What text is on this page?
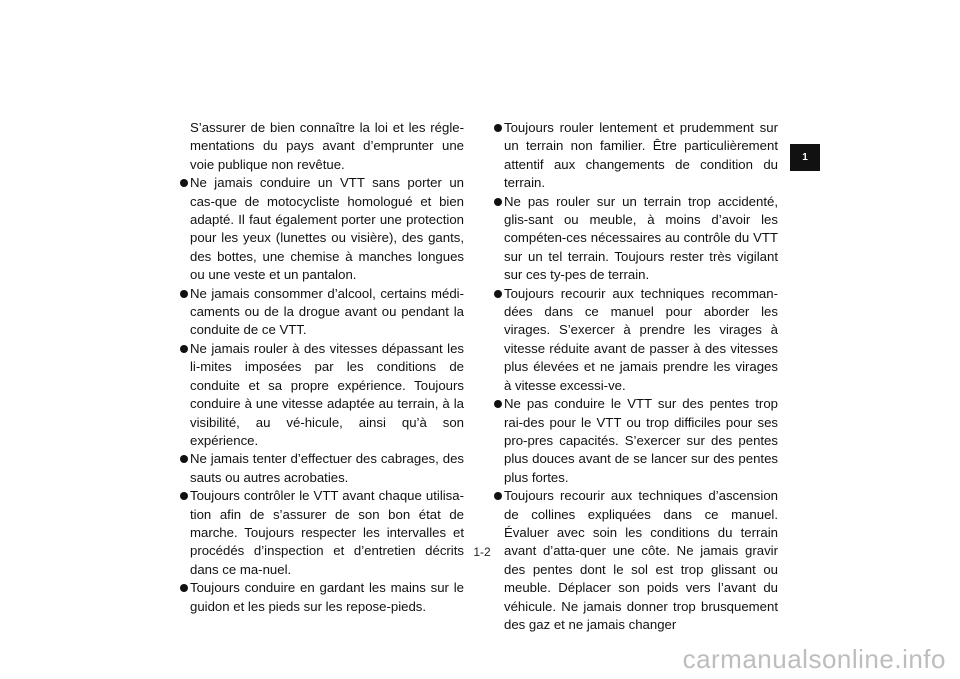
S’assurer de bien connaître la loi et les régle-mentations du pays avant d’emprunter une voie publique non revêtue.
Ne jamais conduire un VTT sans porter un cas-que de motocycliste homologué et bien adapté. Il faut également porter une protection pour les yeux (lunettes ou visière), des gants, des bottes, une chemise à manches longues ou une veste et un pantalon.
Ne jamais consommer d’alcool, certains médi-caments ou de la drogue avant ou pendant la conduite de ce VTT.
Ne jamais rouler à des vitesses dépassant les li-mites imposées par les conditions de conduite et sa propre expérience. Toujours conduire à une vitesse adaptée au terrain, à la visibilité, au vé-hicule, ainsi qu’à son expérience.
Ne jamais tenter d’effectuer des cabrages, des sauts ou autres acrobaties.
Toujours contrôler le VTT avant chaque utilisa-tion afin de s’assurer de son bon état de marche. Toujours respecter les intervalles et procédés d’inspection et d’entretien décrits dans ce ma-nuel.
Toujours conduire en gardant les mains sur le guidon et les pieds sur les repose-pieds.
Toujours rouler lentement et prudemment sur un terrain non familier. Être particulièrement attentif aux changements de condition du terrain.
Ne pas rouler sur un terrain trop accidenté, glis-sant ou meuble, à moins d’avoir les compéten-ces nécessaires au contrôle du VTT sur un tel terrain. Toujours rester très vigilant sur ces ty-pes de terrain.
Toujours recourir aux techniques recomman-dées dans ce manuel pour aborder les virages. S’exercer à prendre les virages à vitesse réduite avant de passer à des vitesses plus élevées et ne jamais prendre les virages à vitesse excessi-ve.
Ne pas conduire le VTT sur des pentes trop rai-des pour le VTT ou trop difficiles pour ses pro-pres capacités. S’exercer sur des pentes plus douces avant de se lancer sur des pentes plus fortes.
Toujours recourir aux techniques d’ascension de collines expliquées dans ce manuel. Évaluer avec soin les conditions du terrain avant d’atta-quer une côte. Ne jamais gravir des pentes dont le sol est trop glissant ou meuble. Déplacer son poids vers l’avant du véhicule. Ne jamais donner trop brusquement des gaz et ne jamais changer
1
1-2
carmanualsonline.info
